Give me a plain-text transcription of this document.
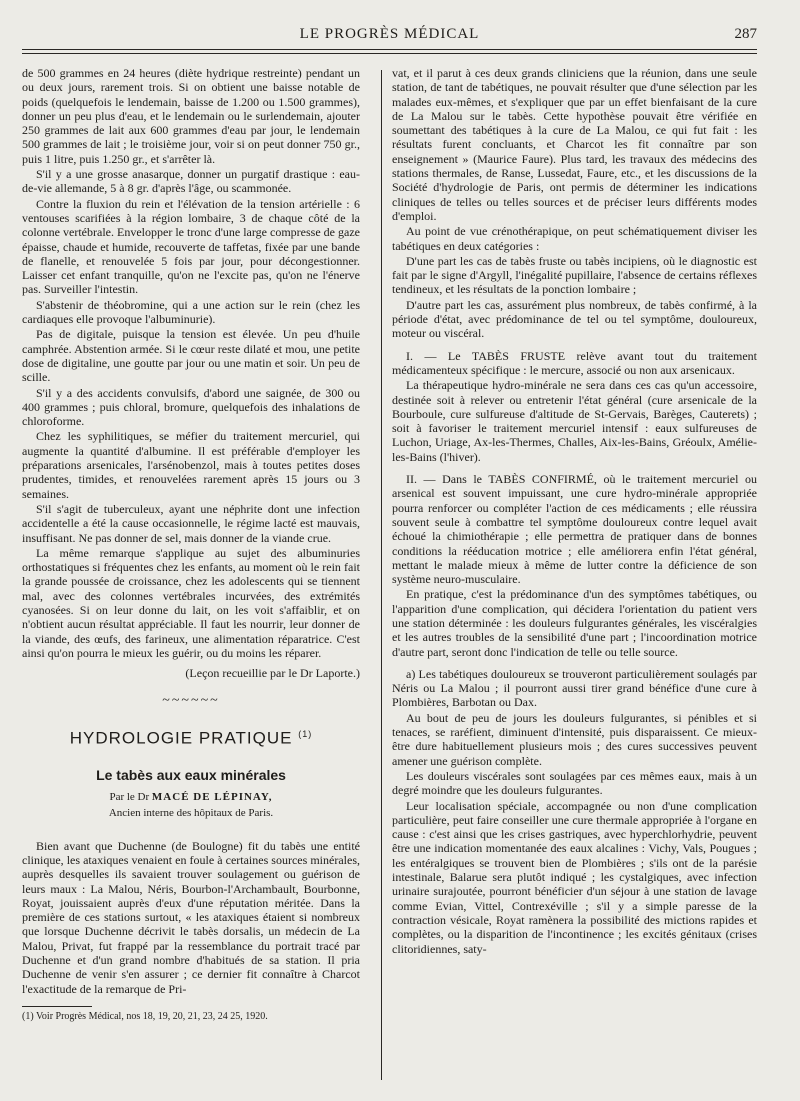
LE PROGRÈS MÉDICAL	287

de 500 grammes en 24 heures (diète hydrique restreinte) pendant un ou deux jours, rarement trois. Si on obtient une baisse notable de poids (quelquefois le lendemain, baisse de 1.200 ou 1.500 grammes), donner un peu plus d'eau, et le lendemain ou le surlendemain, ajouter 250 grammes de lait aux 600 grammes d'eau par jour, le lendemain 500 grammes de lait ; le troisième jour, voir si on peut donner 750 gr., puis 1 litre, puis 1.250 gr., et s'arrêter là.

S'il y a une grosse anasarque, donner un purgatif drastique : eau-de-vie allemande, 5 à 8 gr. d'après l'âge, ou scammonée.

Contre la fluxion du rein et l'élévation de la tension artérielle : 6 ventouses scarifiées à la région lombaire, 3 de chaque côté de la colonne vertébrale. Envelopper le tronc d'une large compresse de gaze épaisse, chaude et humide, recouverte de taffetas, fixée par une bande de flanelle, et renouvelée 5 fois par jour, pour décongestionner. Laisser cet enfant tranquille, qu'on ne l'excite pas, qu'on ne l'énerve pas. Surveiller l'intestin.

S'abstenir de théobromine, qui a une action sur le rein (chez les cardiaques elle provoque l'albuminurie).

Pas de digitale, puisque la tension est élevée. Un peu d'huile camphrée. Abstention armée. Si le cœur reste dilaté et mou, une petite dose de digitaline, une goutte par jour ou une matin et soir. Un peu de scille.

S'il y a des accidents convulsifs, d'abord une saignée, de 300 ou 400 grammes ; puis chloral, bromure, quelquefois des inhalations de chloroforme.

Chez les syphilitiques, se méfier du traitement mercuriel, qui augmente la quantité d'albumine. Il est préférable d'employer les préparations arsenicales, l'arsénobenzol, mais à toutes petites doses prudentes, timides, et renouvelées rarement après 15 jours ou 3 semaines.

S'il s'agit de tuberculeux, ayant une néphrite dont une infection accidentelle a été la cause occasionnelle, le régime lacté est mauvais, insuffisant. Ne pas donner de sel, mais donner de la viande crue.

La même remarque s'applique au sujet des albuminuries orthostatiques si fréquentes chez les enfants, au moment où le rein fait la grande poussée de croissance, chez les adolescents qui se tiennent mal, avec des colonnes vertébrales incurvées, des extrémités cyanosées. Si on leur donne du lait, on les voit s'affaiblir, et on n'obtient aucun résultat appréciable. Il faut les nourrir, leur donner de la viande, des œufs, des farineux, une alimentation réparatrice. C'est ainsi qu'on pourra le mieux les guérir, ou du moins les réparer.

(Leçon recueillie par le Dr Laporte.)

~~~~~~
HYDROLOGIE PRATIQUE $^{(1)}$
Le tabès aux eaux minérales
Par le Dr MACÉ DE LÉPINAY,
Ancien interne des hôpitaux de Paris.

Bien avant que Duchenne (de Boulogne) fit du tabès une entité clinique, les ataxiques venaient en foule à certaines sources minérales, auprès desquelles ils savaient trouver soulagement ou guérison de leurs maux : La Malou, Néris, Bourbon-l'Archambault, Bourbonne, Royat, jouissaient auprès d'eux d'une réputation méritée. Dans la première de ces stations surtout, « les ataxiques étaient si nombreux que lorsque Duchenne décrivit le tabès dorsalis, un médecin de La Malou, Privat, fut frappé par la ressemblance du portrait tracé par Duchenne et d'un grand nombre d'habitués de sa station. Il pria Duchenne de venir s'en assurer ; ce dernier fit connaître à Charcot l'exactitude de la remarque de Pri-

(1) Voir Progrès Médical, nos 18, 19, 20, 21, 23, 24 25, 1920.

vat, et il parut à ces deux grands cliniciens que la réunion, dans une seule station, de tant de tabétiques, ne pouvait résulter que d'une sélection par les malades eux-mêmes, et s'expliquer que par un effet bienfaisant de la cure de La Malou sur le tabès. Cette hypothèse pouvait être vérifiée en soumettant des tabétiques à la cure de La Malou, ce qui fut fait : les résultats furent concluants, et Charcot les fit connaître par son enseignement » (Maurice Faure). Plus tard, les travaux des médecins des stations thermales, de Ranse, Lussedat, Faure, etc., et les discussions de la Société d'hydrologie de Paris, ont permis de déterminer les indications cliniques de telles ou telles sources et de préciser leurs différents modes d'emploi.

Au point de vue crénothérapique, on peut schématiquement diviser les tabétiques en deux catégories :

D'une part les cas de tabès fruste ou tabès incipiens, où le diagnostic est fait par le signe d'Argyll, l'inégalité pupillaire, l'absence de certains réflexes tendineux, et les résultats de la ponction lombaire ;

D'autre part les cas, assurément plus nombreux, de tabès confirmé, à la période d'état, avec prédominance de tel ou tel symptôme, douloureux, moteur ou viscéral.

I. — Le TABÈS FRUSTE relève avant tout du traitement médicamenteux spécifique : le mercure, associé ou non aux arsenicaux.

La thérapeutique hydro-minérale ne sera dans ces cas qu'un accessoire, destinée soit à relever ou entretenir l'état général (cure arsenicale de la Bourboule, cure sulfureuse d'altitude de St-Gervais, Barèges, Cauterets) ; soit à favoriser le traitement mercuriel intensif : eaux sulfureuses de Luchon, Uriage, Ax-les-Thermes, Challes, Aix-les-Bains, Gréoulx, Amélie-les-Bains (l'hiver).

II. — Dans le TABÈS CONFIRMÉ, où le traitement mercuriel ou arsenical est souvent impuissant, une cure hydro-minérale appropriée pourra renforcer ou compléter l'action de ces médicaments ; elle réussira souvent seule à combattre tel symptôme douloureux contre lequel avait échoué la chimiothérapie ; elle permettra de pratiquer dans de bonnes conditions la rééducation motrice ; elle améliorera enfin l'état général, mettant le malade mieux à même de lutter contre la déficience de son système neuro-musculaire.

En pratique, c'est la prédominance d'un des symptômes tabétiques, ou l'apparition d'une complication, qui décidera l'orientation du patient vers une station déterminée : les douleurs fulgurantes générales, les viscéralgies et les autres troubles de la sensibilité d'une part ; l'incoordination motrice d'autre part, seront donc l'indication de telle ou telle source.

a) Les tabétiques douloureux se trouveront particulièrement soulagés par Néris ou La Malou ; il pourront aussi tirer grand bénéfice d'une cure à Plombières, Barbotan ou Dax.

Au bout de peu de jours les douleurs fulgurantes, si pénibles et si tenaces, se raréfient, diminuent d'intensité, puis disparaissent. Ce mieux-être dure habituellement plusieurs mois ; des cures successives peuvent amener une guérison complète.

Les douleurs viscérales sont soulagées par ces mêmes eaux, mais à un degré moindre que les douleurs fulgurantes.

Leur localisation spéciale, accompagnée ou non d'une complication particulière, peut faire conseiller une cure thermale appropriée à l'organe en cause : c'est ainsi que les crises gastriques, avec hyperchlorhydrie, peuvent être une indication momentanée des eaux alcalines : Vichy, Vals, Pougues ; les entéralgiques se trouvent bien de Plombières ; s'ils ont de la parésie intestinale, Balarue sera plutôt indiqué ; les cystalgiques, avec infection urinaire surajoutée, pourront bénéficier d'un séjour à une station de lavage comme Evian, Vittel, Contrexéville ; s'il y a simple paresse de la contraction vésicale, Royat ramènera la possibilité des mictions rapides et complètes, ou la disparition de l'incontinence ; les excités génitaux (crises clitoridiennes, saty-
